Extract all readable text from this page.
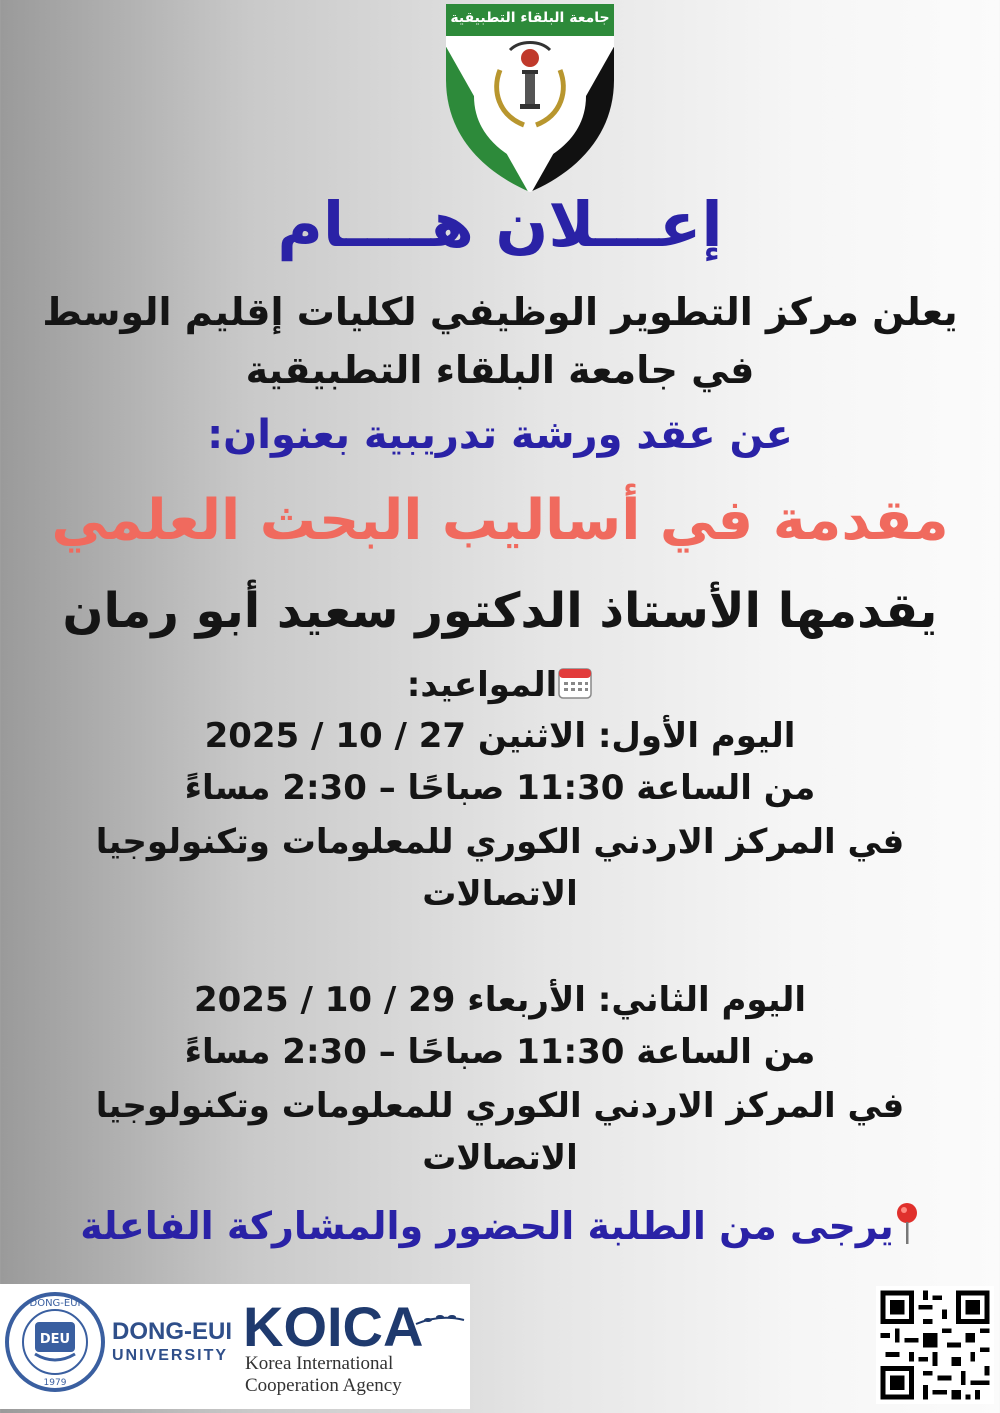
جامعة البلقاء التطبيقية
إعـــلان هــــام
يعلن مركز التطوير الوظيفي لكليات إقليم الوسط
في جامعة البلقاء التطبيقية
عن عقد ورشة تدريبية بعنوان:
مقدمة في أساليب البحث العلمي
يقدمها الأستاذ الدكتور سعيد أبو رمان
المواعيد:
اليوم الأول: الاثنين 27 / 10 / 2025
من الساعة 11:30 صباحًا – 2:30 مساءً
في المركز الاردني الكوري للمعلومات وتكنولوجيا
الاتصالات
اليوم الثاني: الأربعاء 29 / 10 / 2025
من الساعة 11:30 صباحًا – 2:30 مساءً
في المركز الاردني الكوري للمعلومات وتكنولوجيا
الاتصالات
يرجى من الطلبة الحضور والمشاركة الفاعلة
DONG-EUI
DEU
1979
DONG-EUI
UNIVERSITY KOICA
Korea International
Cooperation Agency
